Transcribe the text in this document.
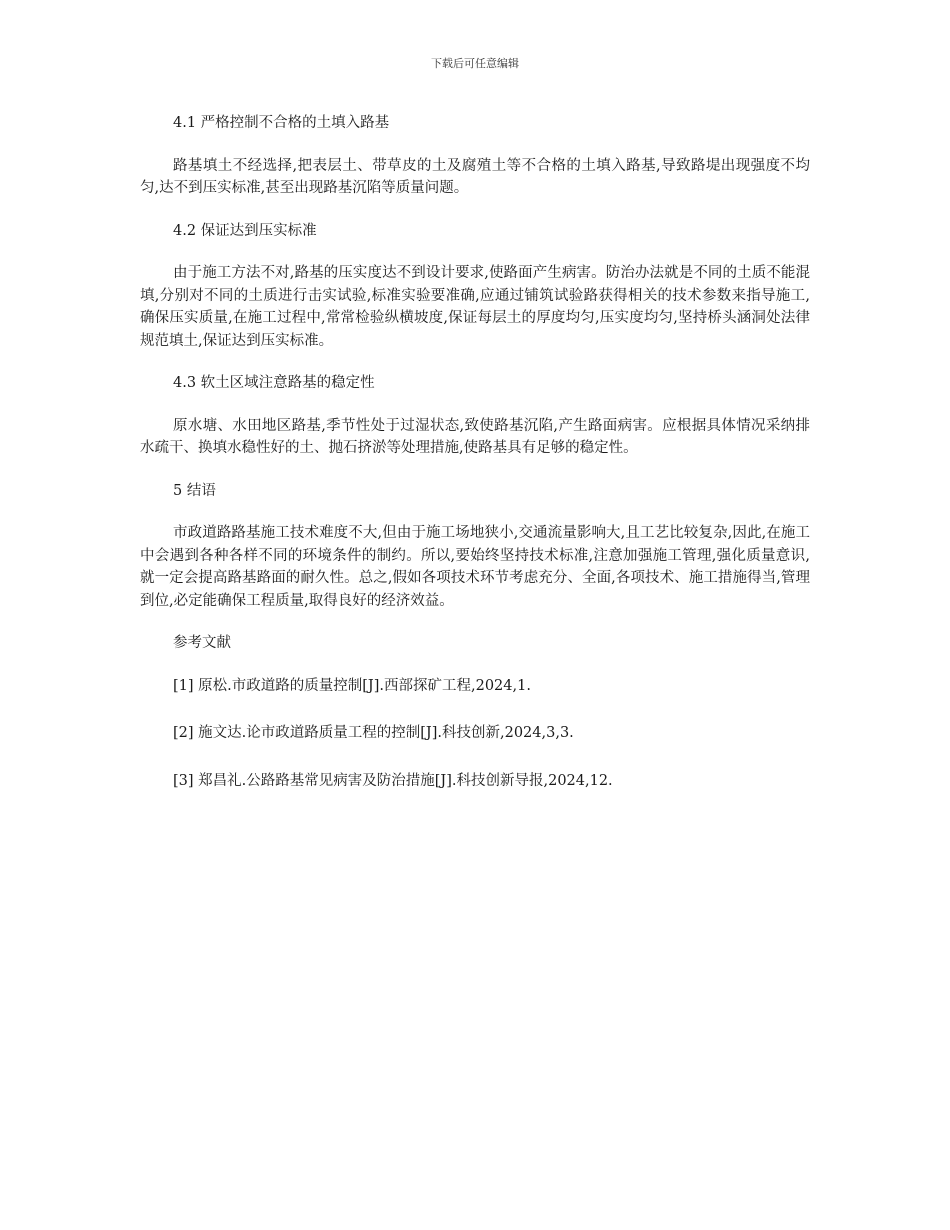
下载后可任意编辑

4.1 严格控制不合格的土填入路基

路基填土不经选择,把表层土、带草皮的土及腐殖土等不合格的土填入路基,导致路堤出现强度不均匀,达不到压实标准,甚至出现路基沉陷等质量问题。

4.2 保证达到压实标准

由于施工方法不对,路基的压实度达不到设计要求,使路面产生病害。防治办法就是不同的土质不能混填,分别对不同的土质进行击实试验,标准实验要准确,应通过铺筑试验路获得相关的技术参数来指导施工,确保压实质量,在施工过程中,常常检验纵横坡度,保证每层土的厚度均匀,压实度均匀,坚持桥头涵洞处法律规范填土,保证达到压实标准。

4.3 软土区域注意路基的稳定性

原水塘、水田地区路基,季节性处于过湿状态,致使路基沉陷,产生路面病害。应根据具体情况采纳排水疏干、换填水稳性好的土、抛石挤淤等处理措施,使路基具有足够的稳定性。

5 结语

市政道路路基施工技术难度不大,但由于施工场地狭小,交通流量影响大,且工艺比较复杂,因此,在施工中会遇到各种各样不同的环境条件的制约。所以,要始终坚持技术标准,注意加强施工管理,强化质量意识,就一定会提高路基路面的耐久性。总之,假如各项技术环节考虑充分、全面,各项技术、施工措施得当,管理到位,必定能确保工程质量,取得良好的经济效益。

参考文献

[1] 原松.市政道路的质量控制[J].西部探矿工程,2024,1.

[2] 施文达.论市政道路质量工程的控制[J].科技创新,2024,3,3.

[3] 郑昌礼.公路路基常见病害及防治措施[J].科技创新导报,2024,12.
